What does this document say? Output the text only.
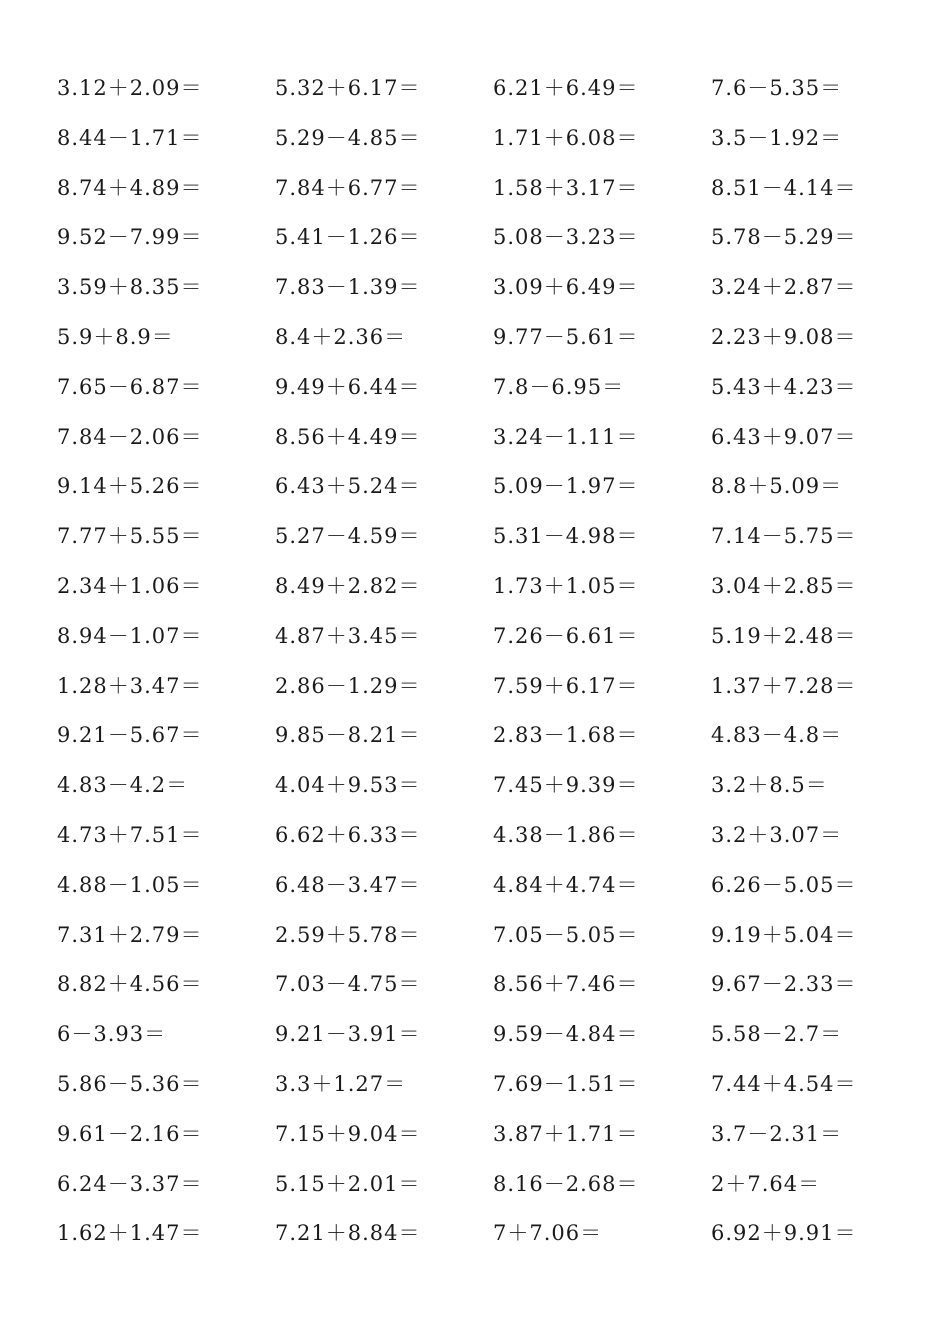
3.12＋2.09＝	5.32＋6.17＝	6.21＋6.49＝	7.6－5.35＝
8.44－1.71＝	5.29－4.85＝	1.71＋6.08＝	3.5－1.92＝
8.74＋4.89＝	7.84＋6.77＝	1.58＋3.17＝	8.51－4.14＝
9.52－7.99＝	5.41－1.26＝	5.08－3.23＝	5.78－5.29＝
3.59＋8.35＝	7.83－1.39＝	3.09＋6.49＝	3.24＋2.87＝
5.9＋8.9＝	8.4＋2.36＝	9.77－5.61＝	2.23＋9.08＝
7.65－6.87＝	9.49＋6.44＝	7.8－6.95＝	5.43＋4.23＝
7.84－2.06＝	8.56＋4.49＝	3.24－1.11＝	6.43＋9.07＝
9.14＋5.26＝	6.43＋5.24＝	5.09－1.97＝	8.8＋5.09＝
7.77＋5.55＝	5.27－4.59＝	5.31－4.98＝	7.14－5.75＝
2.34＋1.06＝	8.49＋2.82＝	1.73＋1.05＝	3.04＋2.85＝
8.94－1.07＝	4.87＋3.45＝	7.26－6.61＝	5.19＋2.48＝
1.28＋3.47＝	2.86－1.29＝	7.59＋6.17＝	1.37＋7.28＝
9.21－5.67＝	9.85－8.21＝	2.83－1.68＝	4.83－4.8＝
4.83－4.2＝	4.04＋9.53＝	7.45＋9.39＝	3.2＋8.5＝
4.73＋7.51＝	6.62＋6.33＝	4.38－1.86＝	3.2＋3.07＝
4.88－1.05＝	6.48－3.47＝	4.84＋4.74＝	6.26－5.05＝
7.31＋2.79＝	2.59＋5.78＝	7.05－5.05＝	9.19＋5.04＝
8.82＋4.56＝	7.03－4.75＝	8.56＋7.46＝	9.67－2.33＝
6－3.93＝	9.21－3.91＝	9.59－4.84＝	5.58－2.7＝
5.86－5.36＝	3.3＋1.27＝	7.69－1.51＝	7.44＋4.54＝
9.61－2.16＝	7.15＋9.04＝	3.87＋1.71＝	3.7－2.31＝
6.24－3.37＝	5.15＋2.01＝	8.16－2.68＝	2＋7.64＝
1.62＋1.47＝	7.21＋8.84＝	7＋7.06＝	6.92＋9.91＝
